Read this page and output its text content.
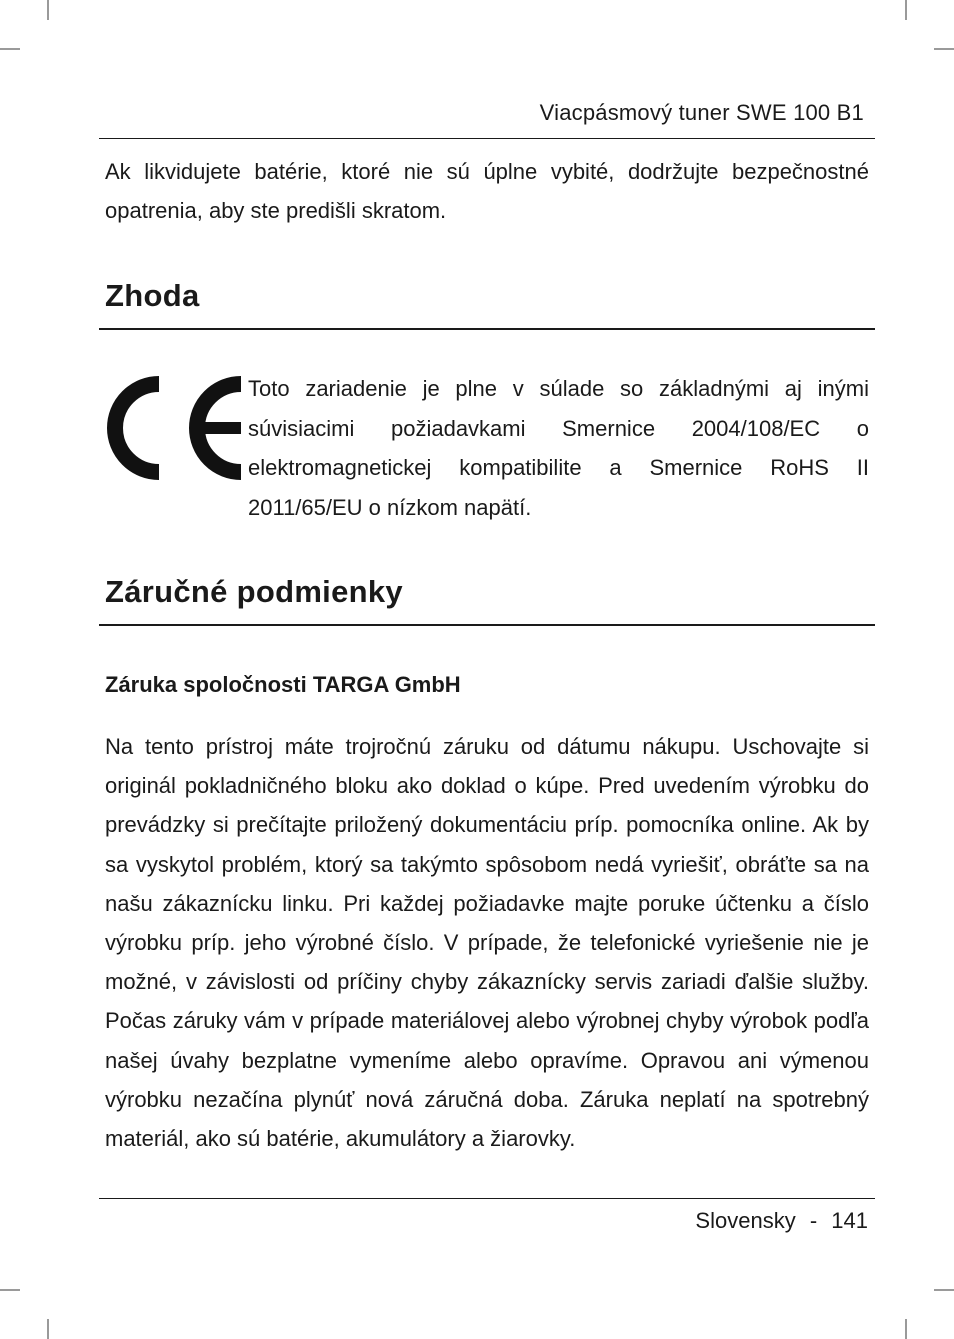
Viacpásmový tuner SWE 100 B1

Ak likvidujete batérie, ktoré nie sú úplne vybité, dodržujte bezpečnostné opatrenia, aby ste predišli skratom.

Zhoda

Toto zariadenie je plne v súlade so základnými aj inými súvisiacimi požiadavkami Smernice 2004/108/EC o elektromagnetickej kompatibilite a Smernice RoHS II 2011/65/EU o nízkom napätí.

Záručné podmienky
Záruka spoločnosti TARGA GmbH

Na tento prístroj máte trojročnú záruku od dátumu nákupu. Uschovajte si originál pokladničného bloku ako doklad o kúpe. Pred uvedením výrobku do prevádzky si prečítajte priložený dokumentáciu príp. pomocníka online. Ak by sa vyskytol problém, ktorý sa takýmto spôsobom nedá vyriešiť, obráťte sa na našu zákaznícku linku. Pri každej požiadavke majte poruke účtenku a číslo výrobku príp. jeho výrobné číslo. V prípade, že telefonické vyriešenie nie je možné, v závislosti od príčiny chyby zákaznícky servis zariadi ďalšie služby. Počas záruky vám v prípade materiálovej alebo výrobnej chyby výrobok podľa našej úvahy bezplatne vymeníme alebo opravíme. Opravou ani výmenou výrobku nezačína plynúť nová záručná doba. Záruka neplatí na spotrebný materiál, ako sú batérie, akumulátory a žiarovky.

Slovensky - 141
